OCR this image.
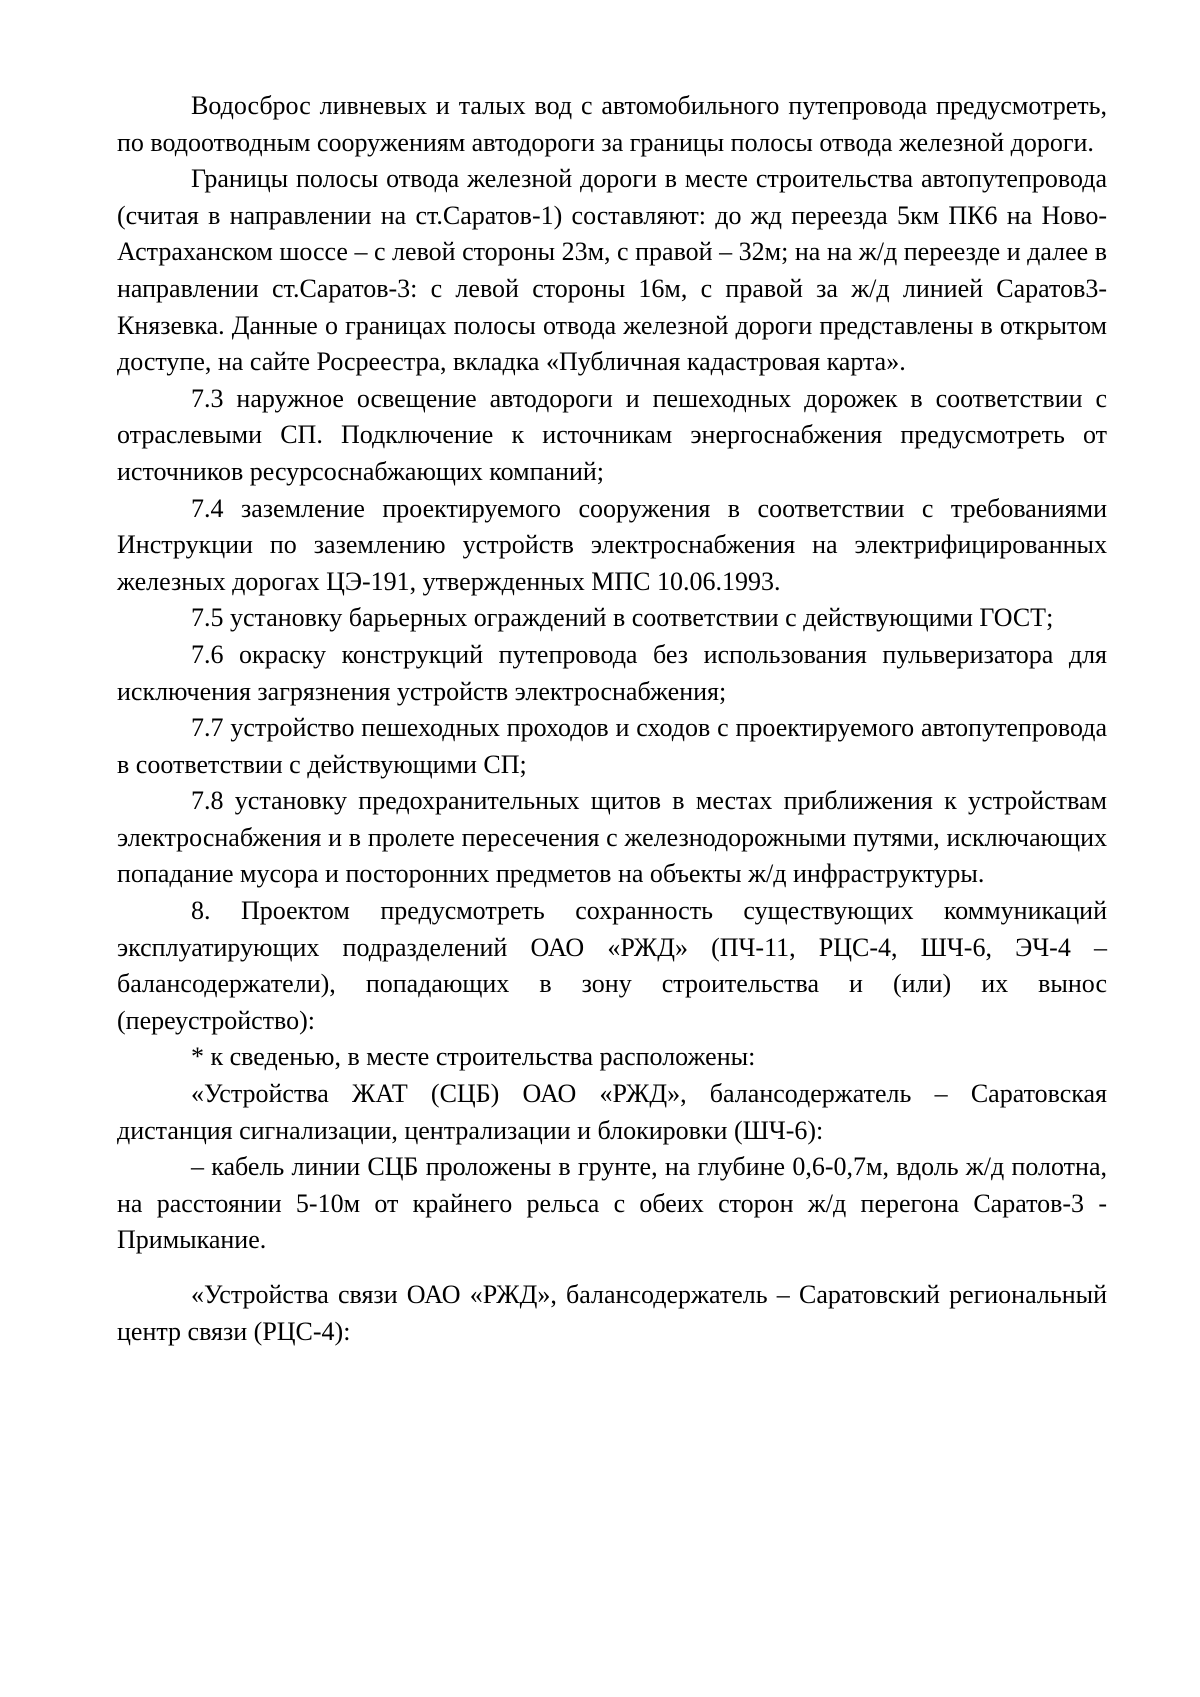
Водосброс ливневых и талых вод с автомобильного путепровода предусмотреть, по водоотводным сооружениям автодороги за границы полосы отвода железной дороги.

Границы полосы отвода железной дороги в месте строительства автопутепровода (считая в направлении на ст.Саратов-1) составляют: до жд переезда 5км ПК6 на Ново-Астраханском шоссе – с левой стороны 23м, с правой – 32м; на на ж/д переезде и далее в направлении ст.Саратов-3: с левой стороны 16м, с правой за ж/д линией Саратов3-Князевка. Данные о границах полосы отвода железной дороги представлены в открытом доступе, на сайте Росреестра, вкладка «Публичная кадастровая карта».

7.3 наружное освещение автодороги и пешеходных дорожек в соответствии с отраслевыми СП. Подключение к источникам энергоснабжения предусмотреть от источников ресурсоснабжающих компаний;

7.4 заземление проектируемого сооружения в соответствии с требованиями Инструкции по заземлению устройств электроснабжения на электрифицированных железных дорогах ЦЭ-191, утвержденных МПС 10.06.1993.

7.5 установку барьерных ограждений в соответствии с действующими ГОСТ;

7.6 окраску конструкций путепровода без использования пульверизатора для исключения загрязнения устройств электроснабжения;

7.7 устройство пешеходных проходов и сходов с проектируемого автопутепровода в соответствии с действующими СП;

7.8 установку предохранительных щитов в местах приближения к устройствам электроснабжения и в пролете пересечения с железнодорожными путями, исключающих попадание мусора и посторонних предметов на объекты ж/д инфраструктуры.

8. Проектом предусмотреть сохранность существующих коммуникаций эксплуатирующих подразделений ОАО «РЖД» (ПЧ-11, РЦС-4, ШЧ-6, ЭЧ-4 – балансодержатели), попадающих в зону строительства и (или) их вынос (переустройство):

* к сведенью, в месте строительства расположены:

«Устройства ЖАТ (СЦБ) ОАО «РЖД», балансодержатель – Саратовская дистанция сигнализации, централизации и блокировки (ШЧ-6):

– кабель линии СЦБ проложены в грунте, на глубине 0,6-0,7м, вдоль ж/д полотна, на расстоянии 5-10м от крайнего рельса с обеих сторон ж/д перегона Саратов-3 - Примыкание.

«Устройства связи ОАО «РЖД», балансодержатель – Саратовский региональный центр связи (РЦС-4):
